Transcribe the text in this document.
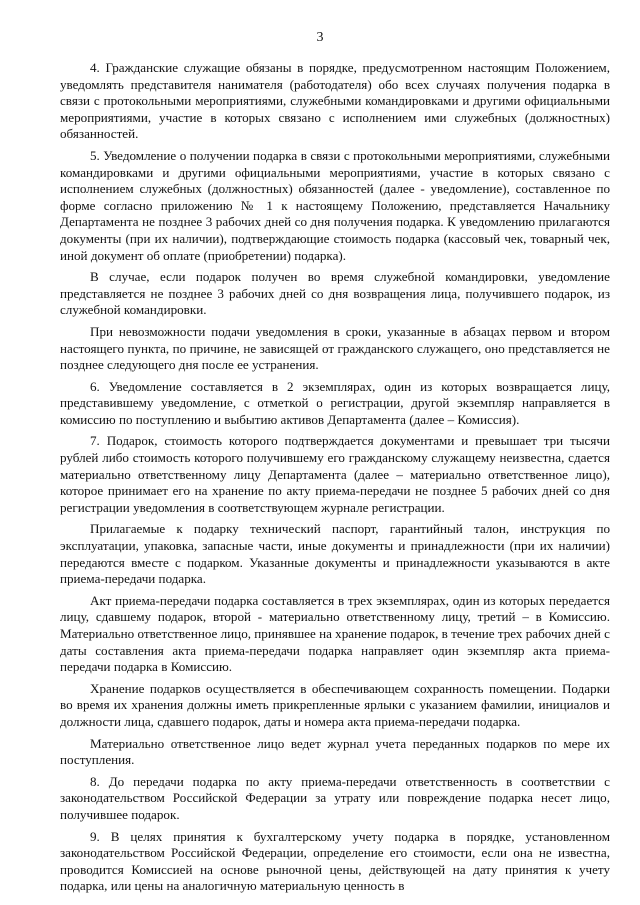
3

4. Гражданские служащие обязаны в порядке, предусмотренном настоящим Положением, уведомлять представителя нанимателя (работодателя) обо всех случаях получения подарка в связи с протокольными мероприятиями, служебными командировками и другими официальными мероприятиями, участие в которых связано с исполнением ими служебных (должностных) обязанностей.

5. Уведомление о получении подарка в связи с протокольными мероприятиями, служебными командировками и другими официальными мероприятиями, участие в которых связано с исполнением служебных (должностных) обязанностей (далее - уведомление), составленное по форме согласно приложению № 1 к настоящему Положению, представляется Начальнику Департамента не позднее 3 рабочих дней со дня получения подарка. К уведомлению прилагаются документы (при их наличии), подтверждающие стоимость подарка (кассовый чек, товарный чек, иной документ об оплате (приобретении) подарка).

В случае, если подарок получен во время служебной командировки, уведомление представляется не позднее 3 рабочих дней со дня возвращения лица, получившего подарок, из служебной командировки.

При невозможности подачи уведомления в сроки, указанные в абзацах первом и втором настоящего пункта, по причине, не зависящей от гражданского служащего, оно представляется не позднее следующего дня после ее устранения.

6. Уведомление составляется в 2 экземплярах, один из которых возвращается лицу, представившему уведомление, с отметкой о регистрации, другой экземпляр направляется в комиссию по поступлению и выбытию активов Департамента (далее – Комиссия).

7. Подарок, стоимость которого подтверждается документами и превышает три тысячи рублей либо стоимость которого получившему его гражданскому служащему неизвестна, сдается материально ответственному лицу Департамента (далее – материально ответственное лицо), которое принимает его на хранение по акту приема-передачи не позднее 5 рабочих дней со дня регистрации уведомления в соответствующем журнале регистрации.

Прилагаемые к подарку технический паспорт, гарантийный талон, инструкция по эксплуатации, упаковка, запасные части, иные документы и принадлежности (при их наличии) передаются вместе с подарком. Указанные документы и принадлежности указываются в акте приема-передачи подарка.

Акт приема-передачи подарка составляется в трех экземплярах, один из которых передается лицу, сдавшему подарок, второй - материально ответственному лицу, третий – в Комиссию. Материально ответственное лицо, принявшее на хранение подарок, в течение трех рабочих дней с даты составления акта приема-передачи подарка направляет один экземпляр акта приема-передачи подарка в Комиссию.

Хранение подарков осуществляется в обеспечивающем сохранность помещении. Подарки во время их хранения должны иметь прикрепленные ярлыки с указанием фамилии, инициалов и должности лица, сдавшего подарок, даты и номера акта приема-передачи подарка.

Материально ответственное лицо ведет журнал учета переданных подарков по мере их поступления.

8. До передачи подарка по акту приема-передачи ответственность в соответствии с законодательством Российской Федерации за утрату или повреждение подарка несет лицо, получившее подарок.

9. В целях принятия к бухгалтерскому учету подарка в порядке, установленном законодательством Российской Федерации, определение его стоимости, если она не известна, проводится Комиссией на основе рыночной цены, действующей на дату принятия к учету подарка, или цены на аналогичную материальную ценность в
